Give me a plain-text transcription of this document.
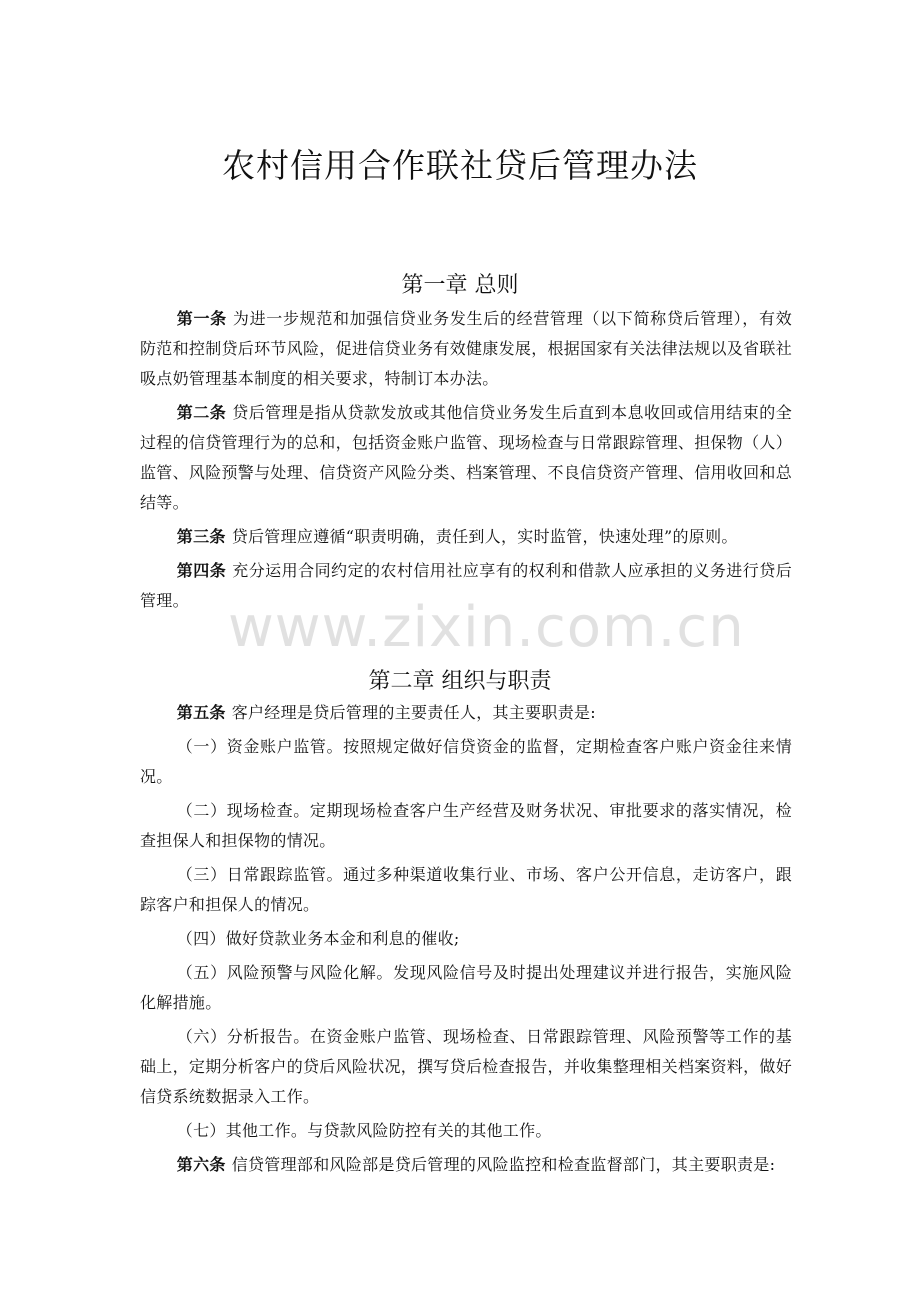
农村信用合作联社贷后管理办法
第一章 总则

第一条 为进一步规范和加强信贷业务发生后的经营管理（以下简称贷后管理），有效防范和控制贷后环节风险，促进信贷业务有效健康发展，根据国家有关法律法规以及省联社吸点奶管理基本制度的相关要求，特制订本办法。

第二条 贷后管理是指从贷款发放或其他信贷业务发生后直到本息收回或信用结束的全过程的信贷管理行为的总和，包括资金账户监管、现场检查与日常跟踪管理、担保物（人）监管、风险预警与处理、信贷资产风险分类、档案管理、不良信贷资产管理、信用收回和总结等。

第三条 贷后管理应遵循“职责明确，责任到人，实时监管，快速处理”的原则。

第四条 充分运用合同约定的农村信用社应享有的权利和借款人应承担的义务进行贷后管理。 www.zixin.com.cn
第二章 组织与职责

第五条 客户经理是贷后管理的主要责任人，其主要职责是:

（一）资金账户监管。按照规定做好信贷资金的监督，定期检查客户账户资金往来情况。

（二）现场检查。定期现场检查客户生产经营及财务状况、审批要求的落实情况，检查担保人和担保物的情况。

（三）日常跟踪监管。通过多种渠道收集行业、市场、客户公开信息，走访客户，跟踪客户和担保人的情况。

（四）做好贷款业务本金和利息的催收;

（五）风险预警与风险化解。发现风险信号及时提出处理建议并进行报告，实施风险化解措施。

（六）分析报告。在资金账户监管、现场检查、日常跟踪管理、风险预警等工作的基础上，定期分析客户的贷后风险状况，撰写贷后检查报告，并收集整理相关档案资料，做好信贷系统数据录入工作。

（七）其他工作。与贷款风险防控有关的其他工作。

第六条 信贷管理部和风险部是贷后管理的风险监控和检查监督部门，其主要职责是:
